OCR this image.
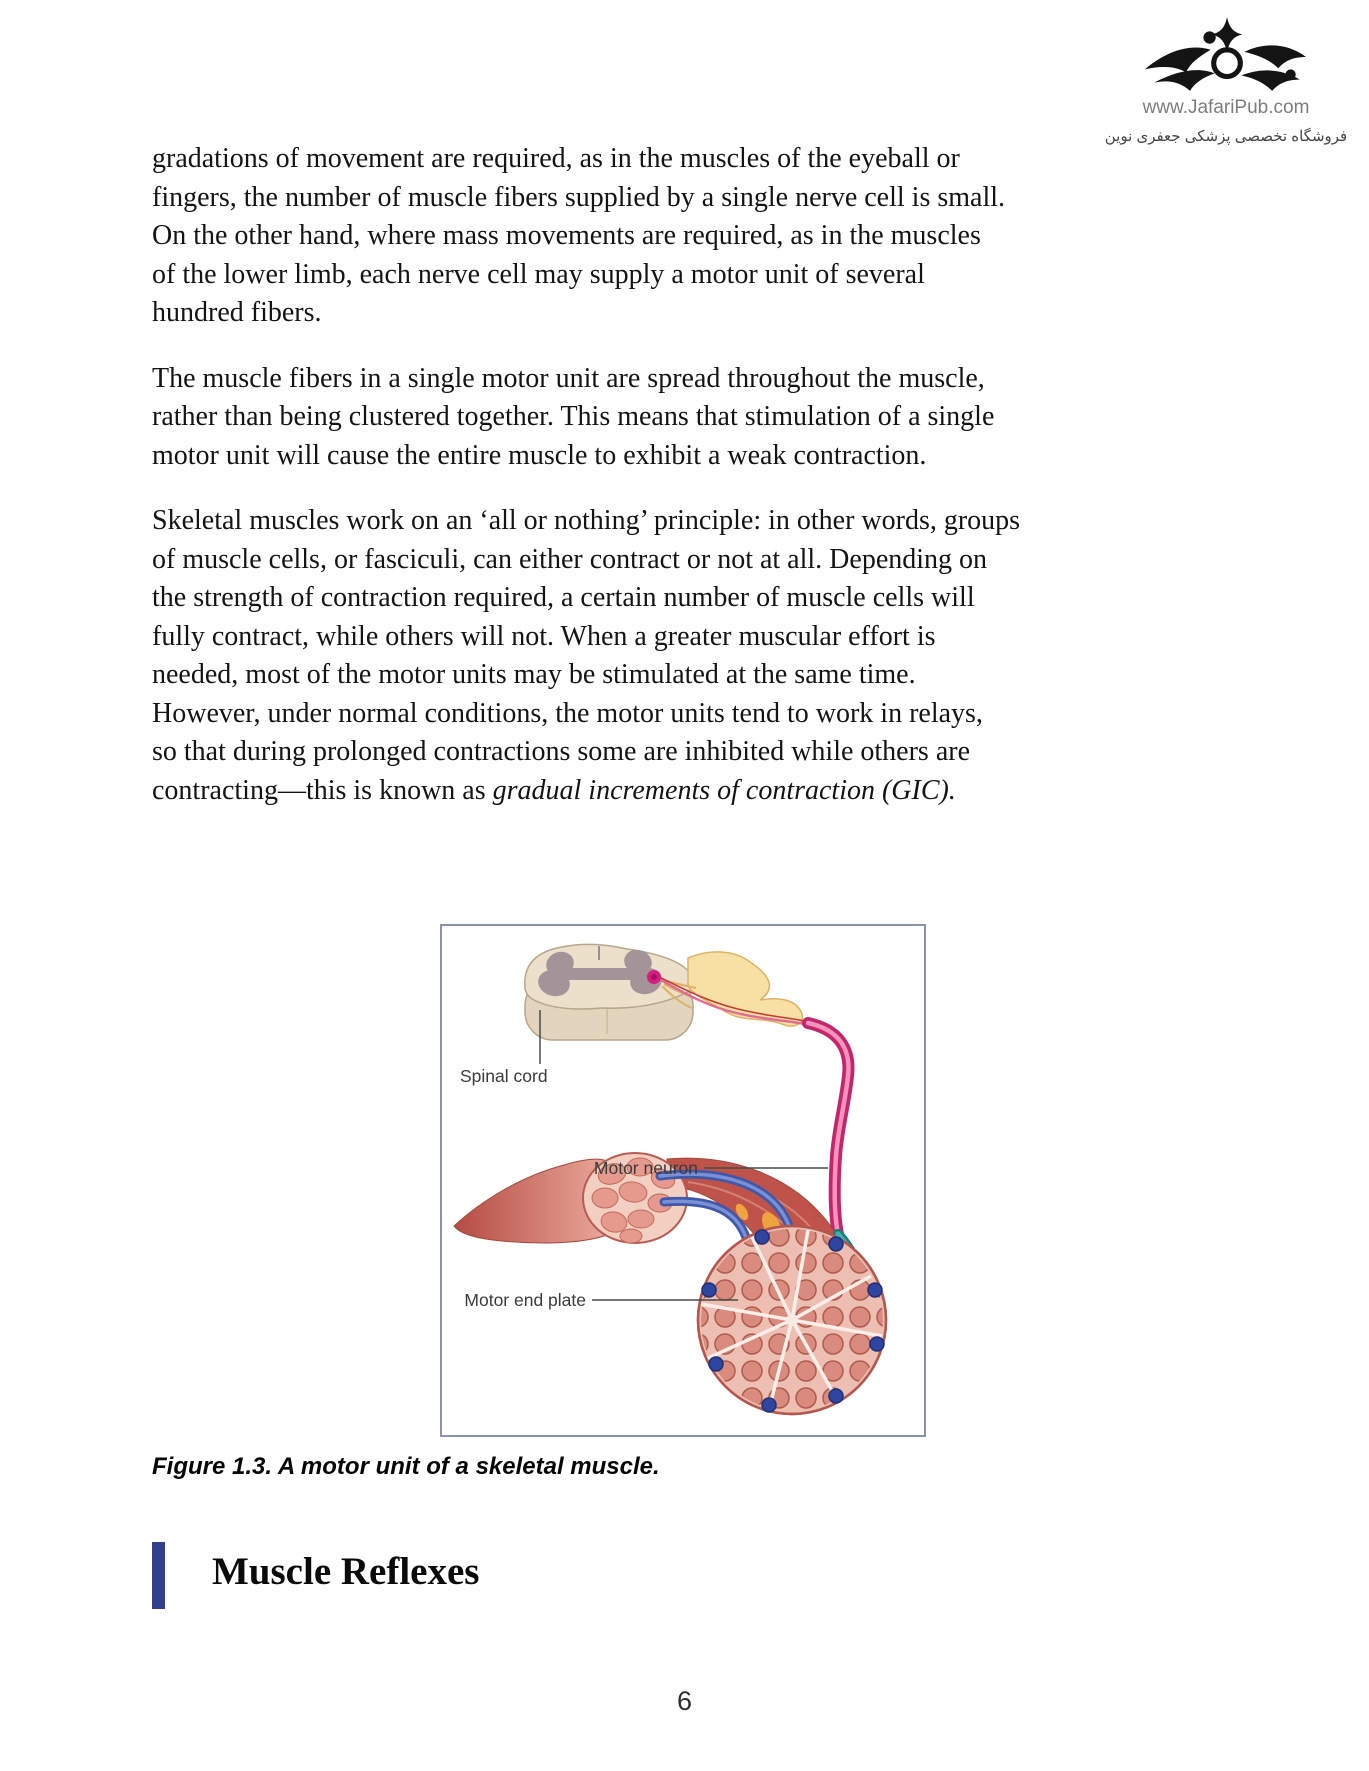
www.JafariPub.com
فروشگاه تخصصی پزشکی جعفری نوین
gradations of movement are required, as in the muscles of the eyeball or
fingers, the number of muscle fibers supplied by a single nerve cell is small.
On the other hand, where mass movements are required, as in the muscles
of the lower limb, each nerve cell may supply a motor unit of several
hundred fibers.
The muscle fibers in a single motor unit are spread throughout the muscle,
rather than being clustered together. This means that stimulation of a single
motor unit will cause the entire muscle to exhibit a weak contraction.
Skeletal muscles work on an ‘all or nothing’ principle: in other words, groups
of muscle cells, or fasciculi, can either contract or not at all. Depending on
the strength of contraction required, a certain number of muscle cells will
fully contract, while others will not. When a greater muscular effort is
needed, most of the motor units may be stimulated at the same time.
However, under normal conditions, the motor units tend to work in relays,
so that during prolonged contractions some are inhibited while others are
contracting—this is known as gradual increments of contraction (GIC).
Spinal cord
Motor neuron
Motor end plate
Figure 1.3. A motor unit of a skeletal muscle.
Muscle Reflexes
6
